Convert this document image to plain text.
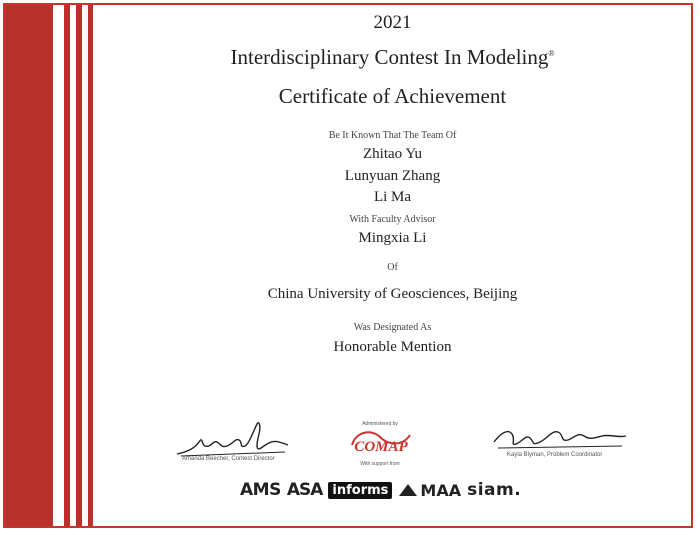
2021
Interdisciplinary Contest In Modeling®
Certificate of Achievement
Be It Known That The Team Of
Zhitao Yu
Lunyuan Zhang
Li Ma
With Faculty Advisor
Mingxia Li
Of
China University of Geosciences, Beijing
Was Designated As
Honorable Mention
Amanda Beecher, Contest Director
Administered by
COMAP
With support from
Kayla Blyman, Problem Coordinator
AMS ASA informs MAA siam.
